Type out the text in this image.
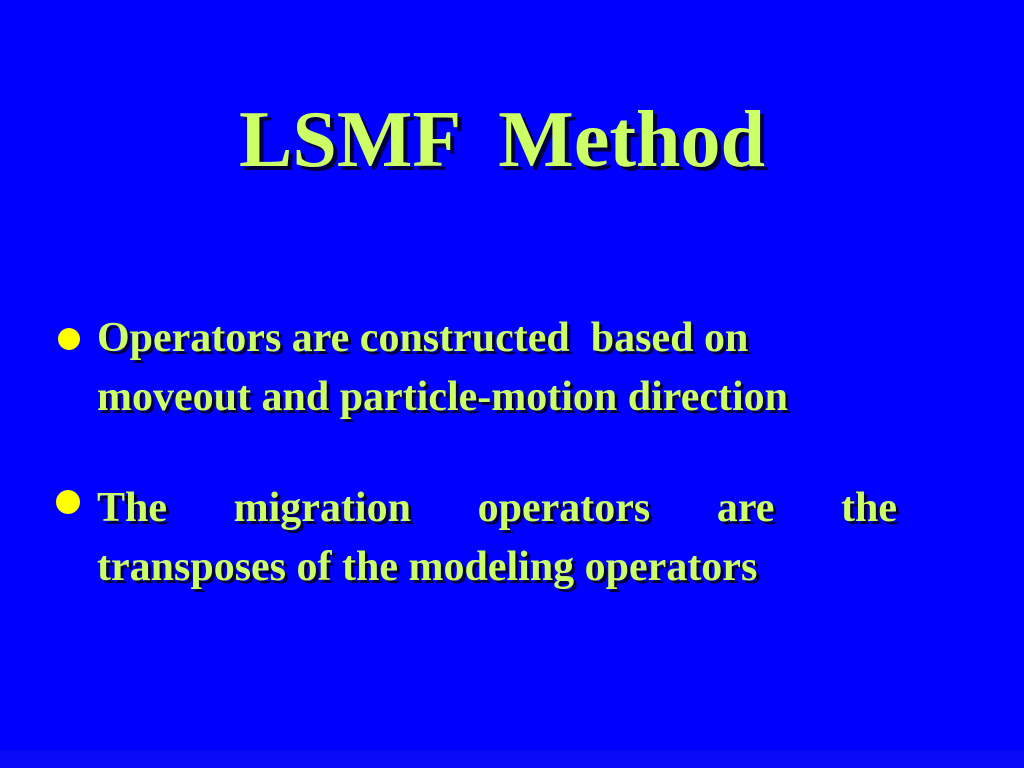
LSMF  Method
Operators are constructed  based on
moveout and particle-motion direction
The migration operators are the
transposes of the modeling operators
